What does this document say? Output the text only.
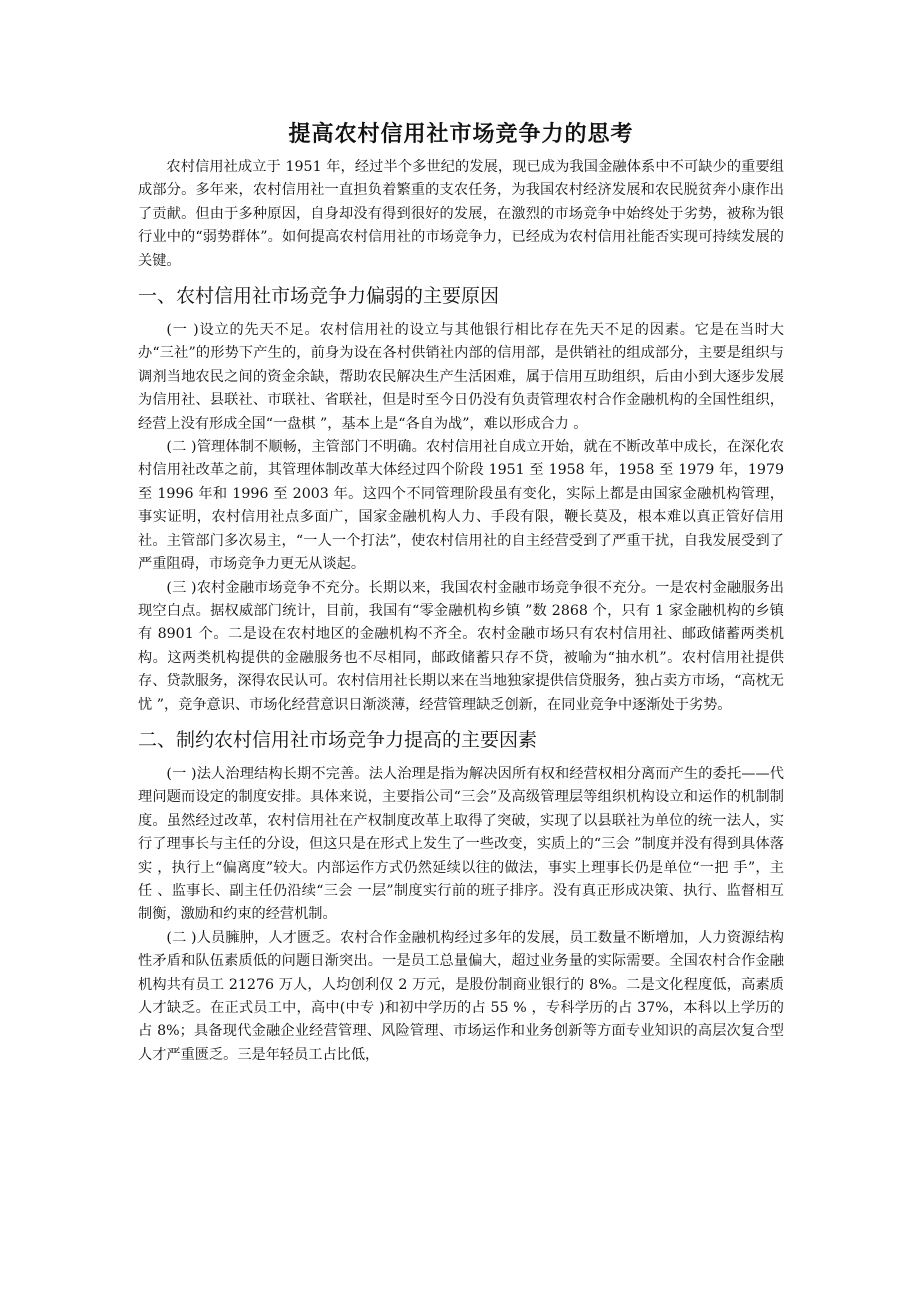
提高农村信用社市场竞争力的思考

农村信用社成立于 1951 年，经过半个多世纪的发展，现已成为我国金融体系中不可缺少的重要组成部分。多年来，农村信用社一直担负着繁重的支农任务，为我国农村经济发展和农民脱贫奔小康作出了贡献。但由于多种原因，自身却没有得到很好的发展，在激烈的市场竞争中始终处于劣势，被称为银行业中的“弱势群体”。如何提高农村信用社的市场竞争力，已经成为农村信用社能否实现可持续发展的关键。

一、农村信用社市场竞争力偏弱的主要原因

(一 )设立的先天不足。农村信用社的设立与其他银行相比存在先天不足的因素。它是在当时大办“三社”的形势下产生的，前身为设在各村供销社内部的信用部，是供销社的组成部分，主要是组织与调剂当地农民之间的资金余缺，帮助农民解决生产生活困难，属于信用互助组织，后由小到大逐步发展为信用社、县联社、市联社、省联社，但是时至今日仍没有负责管理农村合作金融机构的全国性组织，经营上没有形成全国“一盘棋 ”，基本上是“各自为战”，难以形成合力 。

(二 )管理体制不顺畅，主管部门不明确。农村信用社自成立开始，就在不断改革中成长，在深化农村信用社改革之前，其管理体制改革大体经过四个阶段 1951 至 1958 年，1958 至 1979 年，1979 至 1996 年和 1996 至 2003 年。这四个不同管理阶段虽有变化，实际上都是由国家金融机构管理，事实证明，农村信用社点多面广，国家金融机构人力、手段有限，鞭长莫及，根本难以真正管好信用社。主管部门多次易主，“一人一个打法”，使农村信用社的自主经营受到了严重干扰，自我发展受到了严重阻碍，市场竞争力更无从谈起。

(三 )农村金融市场竞争不充分。长期以来，我国农村金融市场竞争很不充分。一是农村金融服务出现空白点。据权威部门统计，目前，我国有“零金融机构乡镇 ”数 2868 个，只有 1 家金融机构的乡镇有 8901 个。二是设在农村地区的金融机构不齐全。农村金融市场只有农村信用社、邮政储蓄两类机构。这两类机构提供的金融服务也不尽相同，邮政储蓄只存不贷，被喻为“抽水机”。农村信用社提供存、贷款服务，深得农民认可。农村信用社长期以来在当地独家提供信贷服务，独占卖方市场，“高枕无忧 ”，竞争意识、市场化经营意识日渐淡薄，经营管理缺乏创新，在同业竞争中逐渐处于劣势。

二、制约农村信用社市场竞争力提高的主要因素

(一 )法人治理结构长期不完善。法人治理是指为解决因所有权和经营权相分离而产生的委托——代理问题而设定的制度安排。具体来说，主要指公司“三会”及高级管理层等组织机构设立和运作的机制制度。虽然经过改革，农村信用社在产权制度改革上取得了突破，实现了以县联社为单位的统一法人，实行了理事长与主任的分设，但这只是在形式上发生了一些改变，实质上的“三会 ”制度并没有得到具体落实 ，执行上“偏离度”较大。内部运作方式仍然延续以往的做法，事实上理事长仍是单位“一把 手”，主任 、监事长、副主任仍沿续“三会 一层”制度实行前的班子排序。没有真正形成决策、执行、监督相互制衡，激励和约束的经营机制。

(二 )人员臃肿，人才匮乏。农村合作金融机构经过多年的发展，员工数量不断增加，人力资源结构性矛盾和队伍素质低的问题日渐突出。一是员工总量偏大，超过业务量的实际需要。全国农村合作金融机构共有员工 21276 万人，人均创利仅 2 万元，是股份制商业银行的 8%。二是文化程度低，高素质人才缺乏。在正式员工中，高中(中专 )和初中学历的占 55 % ，专科学历的占 37%，本科以上学历的占 8%；具备现代金融企业经营管理、风险管理、市场运作和业务创新等方面专业知识的高层次复合型人才严重匮乏。三是年轻员工占比低，
